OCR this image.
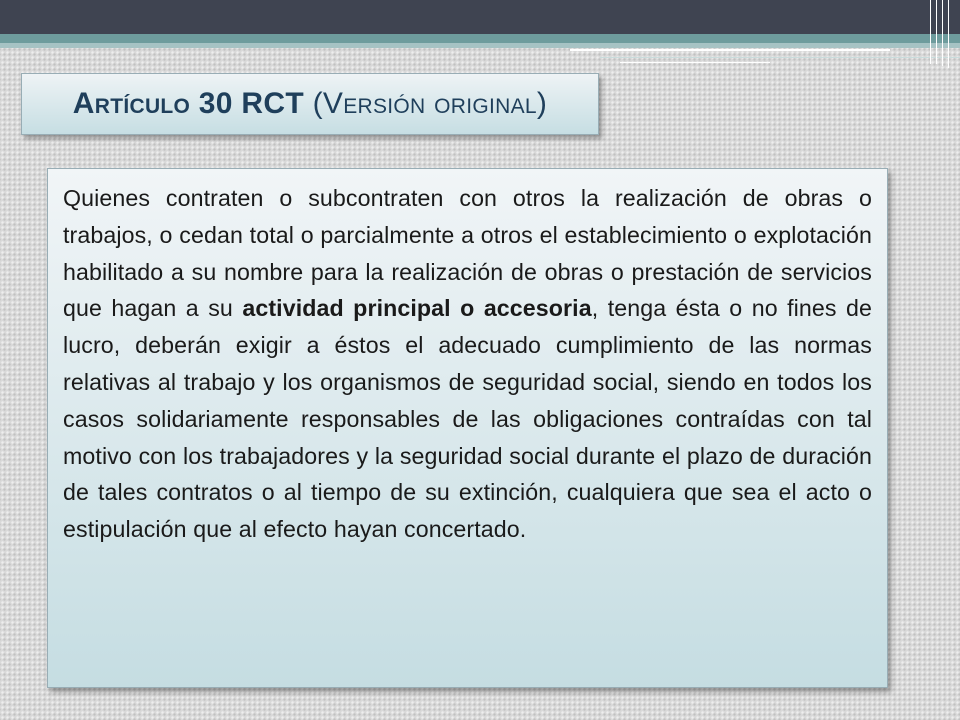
Artículo 30 RCT (Versión original)

Quienes contraten o subcontraten con otros la realización de obras o trabajos, o cedan total o parcialmente a otros el establecimiento o explotación habilitado a su nombre para la realización de obras o prestación de servicios que hagan a su actividad principal o accesoria, tenga ésta o no fines de lucro, deberán exigir a éstos el adecuado cumplimiento de las normas relativas al trabajo y los organismos de seguridad social, siendo en todos los casos solidariamente responsables de las obligaciones contraídas con tal motivo con los trabajadores y la seguridad social durante el plazo de duración de tales contratos o al tiempo de su extinción, cualquiera que sea el acto o estipulación que al efecto hayan concertado.
